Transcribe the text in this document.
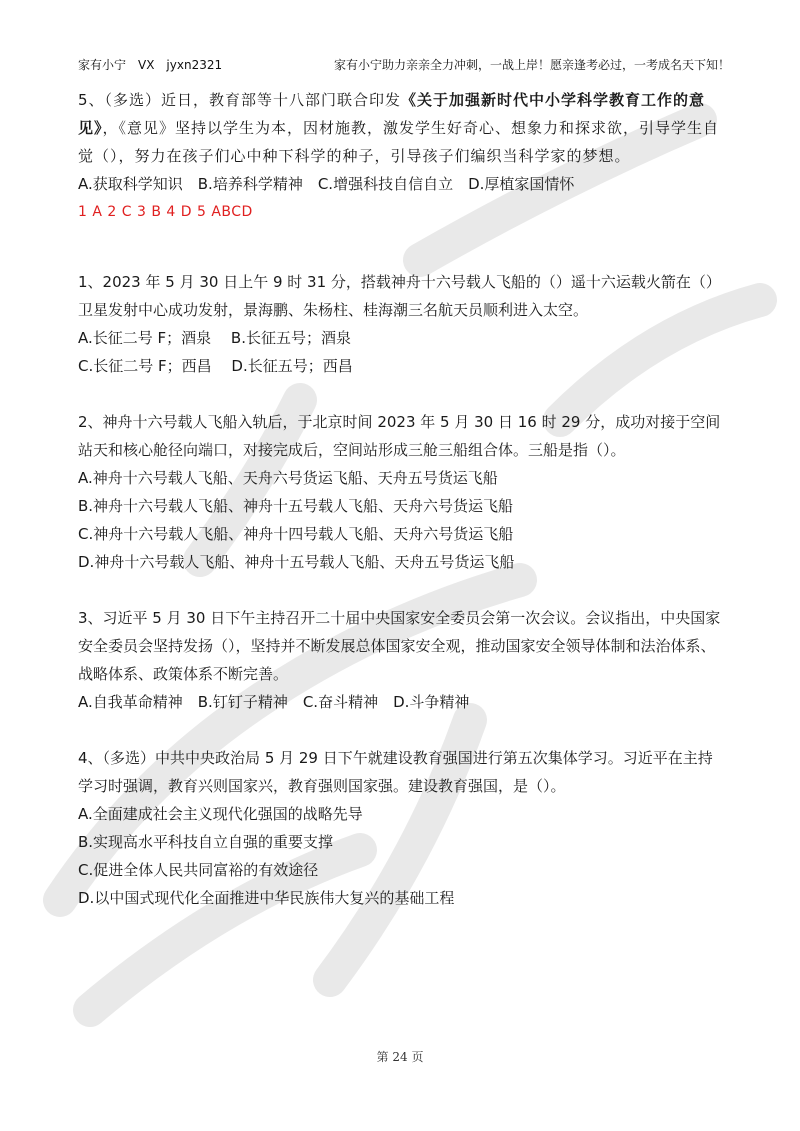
家有小宁　VX　jyxn2321	家有小宁助力亲亲全力冲刺，一战上岸！愿亲逢考必过，一考成名天下知！

5、（多选）近日，教育部等十八部门联合印发《关于加强新时代中小学科学教育工作的意见》，《意见》坚持以学生为本，因材施教，激发学生好奇心、想象力和探求欲，引导学生自觉（），努力在孩子们心中种下科学的种子，引导孩子们编织当科学家的梦想。

A.获取科学知识　B.培养科学精神　C.增强科技自信自立　D.厚植家国情怀

1 A 2 C 3 B 4 D 5 ABCD

1、2023 年 5 月 30 日上午 9 时 31 分，搭载神舟十六号载人飞船的（）遥十六运载火箭在（）卫星发射中心成功发射，景海鹏、朱杨柱、桂海潮三名航天员顺利进入太空。

A.长征二号 F；酒泉　 B.长征五号；酒泉

C.长征二号 F；西昌　 D.长征五号；西昌

2、神舟十六号载人飞船入轨后，于北京时间 2023 年 5 月 30 日 16 时 29 分，成功对接于空间站天和核心舱径向端口，对接完成后，空间站形成三舱三船组合体。三船是指（）。

A.神舟十六号载人飞船、天舟六号货运飞船、天舟五号货运飞船

B.神舟十六号载人飞船、神舟十五号载人飞船、天舟六号货运飞船

C.神舟十六号载人飞船、神舟十四号载人飞船、天舟六号货运飞船

D.神舟十六号载人飞船、神舟十五号载人飞船、天舟五号货运飞船

3、习近平 5 月 30 日下午主持召开二十届中央国家安全委员会第一次会议。会议指出，中央国家安全委员会坚持发扬（），坚持并不断发展总体国家安全观，推动国家安全领导体制和法治体系、战略体系、政策体系不断完善。

A.自我革命精神　B.钉钉子精神　C.奋斗精神　D.斗争精神

4、（多选）中共中央政治局 5 月 29 日下午就建设教育强国进行第五次集体学习。习近平在主持学习时强调，教育兴则国家兴，教育强则国家强。建设教育强国，是（）。

A.全面建成社会主义现代化强国的战略先导

B.实现高水平科技自立自强的重要支撑

C.促进全体人民共同富裕的有效途径

D.以中国式现代化全面推进中华民族伟大复兴的基础工程

第 24 页
